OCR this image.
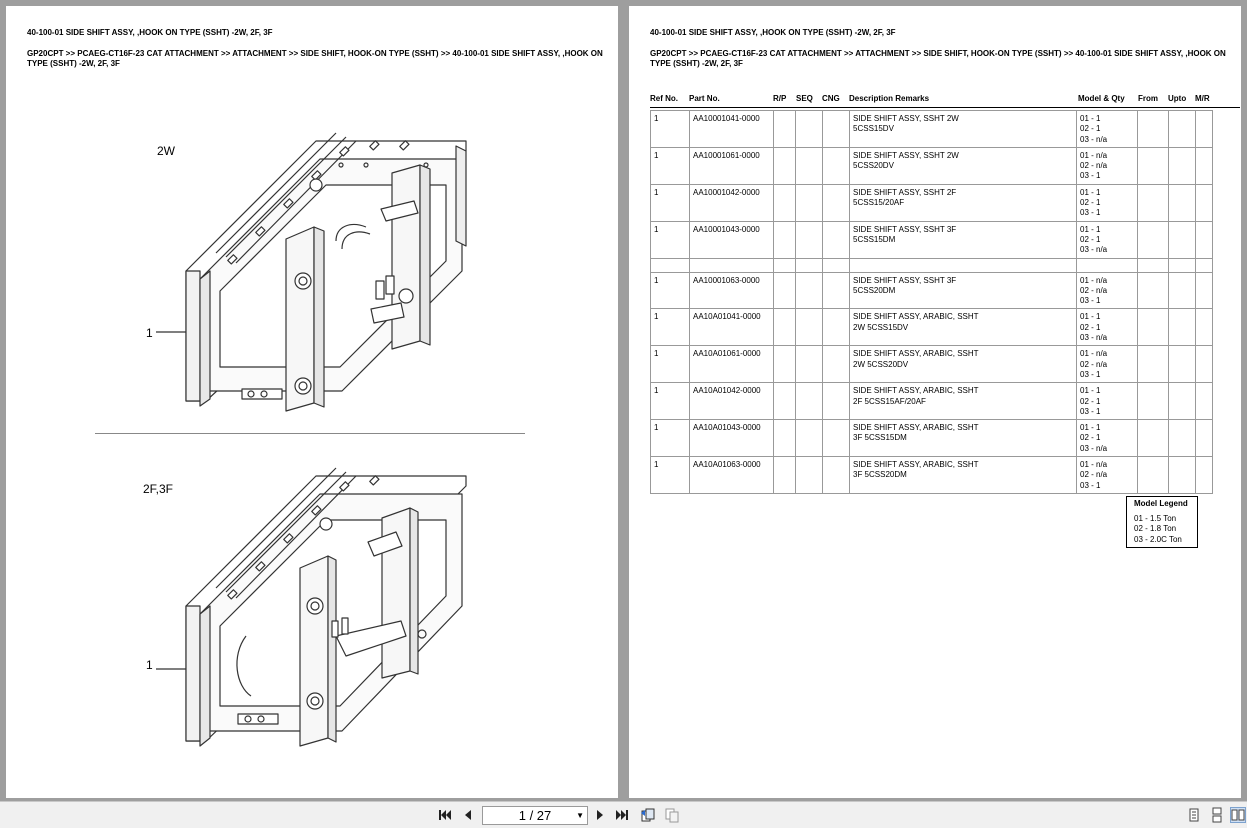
40-100-01 SIDE SHIFT ASSY, ,HOOK ON TYPE (SSHT) -2W, 2F, 3F
GP20CPT >> PCAEG-CT16F-23 CAT ATTACHMENT >> ATTACHMENT >> SIDE SHIFT, HOOK-ON TYPE (SSHT) >> 40-100-01 SIDE SHIFT ASSY, ,HOOK ON TYPE (SSHT) -2W, 2F, 3F
2W
1
2F,3F
1
40-100-01 SIDE SHIFT ASSY, ,HOOK ON TYPE (SSHT) -2W, 2F, 3F
GP20CPT >> PCAEG-CT16F-23 CAT ATTACHMENT >> ATTACHMENT >> SIDE SHIFT, HOOK-ON TYPE (SSHT) >> 40-100-01 SIDE SHIFT ASSY, ,HOOK ON TYPE (SSHT) -2W, 2F, 3F
Ref No. Part No.	R/P SEQ CNG Description Remarks	Model & Qty From Upto M/R
1	AA10001041-0000				SIDE SHIFT ASSY, SSHT 2W
5CSS15DV	01 - 1
02 - 1
03 - n/a			
1	AA10001061-0000				SIDE SHIFT ASSY, SSHT 2W
5CSS20DV	01 - n/a
02 - n/a
03 - 1			
1	AA10001042-0000				SIDE SHIFT ASSY, SSHT 2F
5CSS15/20AF	01 - 1
02 - 1
03 - 1			
1	AA10001043-0000				SIDE SHIFT ASSY, SSHT 3F
5CSS15DM	01 - 1
02 - 1
03 - n/a			

1	AA10001063-0000				SIDE SHIFT ASSY, SSHT 3F
5CSS20DM	01 - n/a
02 - n/a
03 - 1			
1	AA10A01041-0000				SIDE SHIFT ASSY, ARABIC, SSHT
2W 5CSS15DV	01 - 1
02 - 1
03 - n/a			
1	AA10A01061-0000				SIDE SHIFT ASSY, ARABIC, SSHT
2W 5CSS20DV	01 - n/a
02 - n/a
03 - 1			
1	AA10A01042-0000				SIDE SHIFT ASSY, ARABIC, SSHT
2F 5CSS15AF/20AF	01 - 1
02 - 1
03 - 1			
1	AA10A01043-0000				SIDE SHIFT ASSY, ARABIC, SSHT
3F 5CSS15DM	01 - 1
02 - 1
03 - n/a			
1	AA10A01063-0000				SIDE SHIFT ASSY, ARABIC, SSHT
3F 5CSS20DM	01 - n/a
02 - n/a
03 - 1			
Model Legend
01 - 1.5 Ton
02 - 1.8 Ton
03 - 2.0C Ton
1 / 27	▼
